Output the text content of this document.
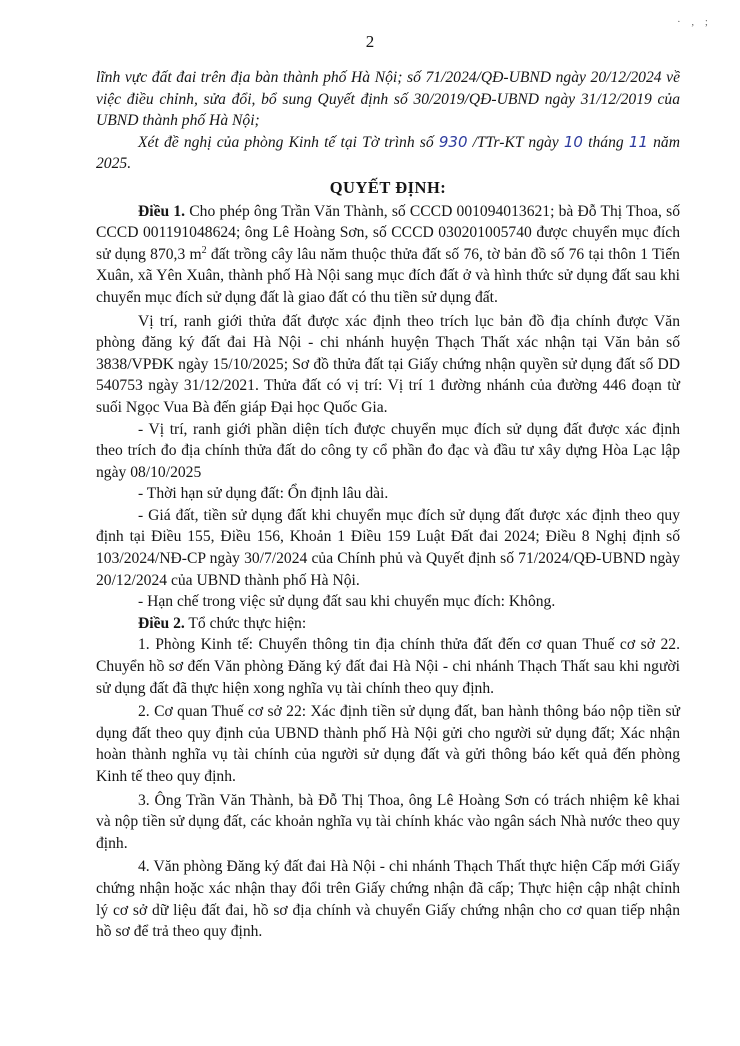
· , ;
2

lĩnh vực đất đai trên địa bàn thành phố Hà Nội; số 71/2024/QĐ-UBND ngày 20/12/2024 về việc điều chỉnh, sửa đổi, bổ sung Quyết định số 30/2019/QĐ-UBND ngày 31/12/2019 của UBND thành phố Hà Nội;

Xét đề nghị của phòng Kinh tế tại Tờ trình số 930 /TTr-KT ngày 10 tháng 11 năm 2025.

QUYẾT ĐỊNH:

Điều 1. Cho phép ông Trần Văn Thành, số CCCD 001094013621; bà Đỗ Thị Thoa, số CCCD 001191048624; ông Lê Hoàng Sơn, số CCCD 030201005740 được chuyển mục đích sử dụng 870,3 $m^2$ đất trồng cây lâu năm thuộc thửa đất số 76, tờ bản đồ số 76 tại thôn 1 Tiến Xuân, xã Yên Xuân, thành phố Hà Nội sang mục đích đất ở và hình thức sử dụng đất sau khi chuyển mục đích sử dụng đất là giao đất có thu tiền sử dụng đất.

Vị trí, ranh giới thửa đất được xác định theo trích lục bản đồ địa chính được Văn phòng đăng ký đất đai Hà Nội - chi nhánh huyện Thạch Thất xác nhận tại Văn bản số 3838/VPĐK ngày 15/10/2025; Sơ đồ thửa đất tại Giấy chứng nhận quyền sử dụng đất số DD 540753 ngày 31/12/2021. Thửa đất có vị trí: Vị trí 1 đường nhánh của đường 446 đoạn từ suối Ngọc Vua Bà đến giáp Đại học Quốc Gia.

- Vị trí, ranh giới phần diện tích được chuyển mục đích sử dụng đất được xác định theo trích đo địa chính thửa đất do công ty cổ phần đo đạc và đầu tư xây dựng Hòa Lạc lập ngày 08/10/2025

- Thời hạn sử dụng đất: Ổn định lâu dài.

- Giá đất, tiền sử dụng đất khi chuyển mục đích sử dụng đất được xác định theo quy định tại Điều 155, Điều 156, Khoản 1 Điều 159 Luật Đất đai 2024; Điều 8 Nghị định số 103/2024/NĐ-CP ngày 30/7/2024 của Chính phủ và Quyết định số 71/2024/QĐ-UBND ngày 20/12/2024 của UBND thành phố Hà Nội.

- Hạn chế trong việc sử dụng đất sau khi chuyển mục đích: Không.

Điều 2. Tổ chức thực hiện:

1. Phòng Kinh tế: Chuyển thông tin địa chính thửa đất đến cơ quan Thuế cơ sở 22. Chuyển hồ sơ đến Văn phòng Đăng ký đất đai Hà Nội - chi nhánh Thạch Thất sau khi người sử dụng đất đã thực hiện xong nghĩa vụ tài chính theo quy định.

2. Cơ quan Thuế cơ sở 22: Xác định tiền sử dụng đất, ban hành thông báo nộp tiền sử dụng đất theo quy định của UBND thành phố Hà Nội gửi cho người sử dụng đất; Xác nhận hoàn thành nghĩa vụ tài chính của người sử dụng đất và gửi thông báo kết quả đến phòng Kinh tế theo quy định.

3. Ông Trần Văn Thành, bà Đỗ Thị Thoa, ông Lê Hoàng Sơn có trách nhiệm kê khai và nộp tiền sử dụng đất, các khoản nghĩa vụ tài chính khác vào ngân sách Nhà nước theo quy định.

4. Văn phòng Đăng ký đất đai Hà Nội - chi nhánh Thạch Thất thực hiện Cấp mới Giấy chứng nhận hoặc xác nhận thay đổi trên Giấy chứng nhận đã cấp; Thực hiện cập nhật chỉnh lý cơ sở dữ liệu đất đai, hồ sơ địa chính và chuyển Giấy chứng nhận cho cơ quan tiếp nhận hồ sơ để trả theo quy định.
